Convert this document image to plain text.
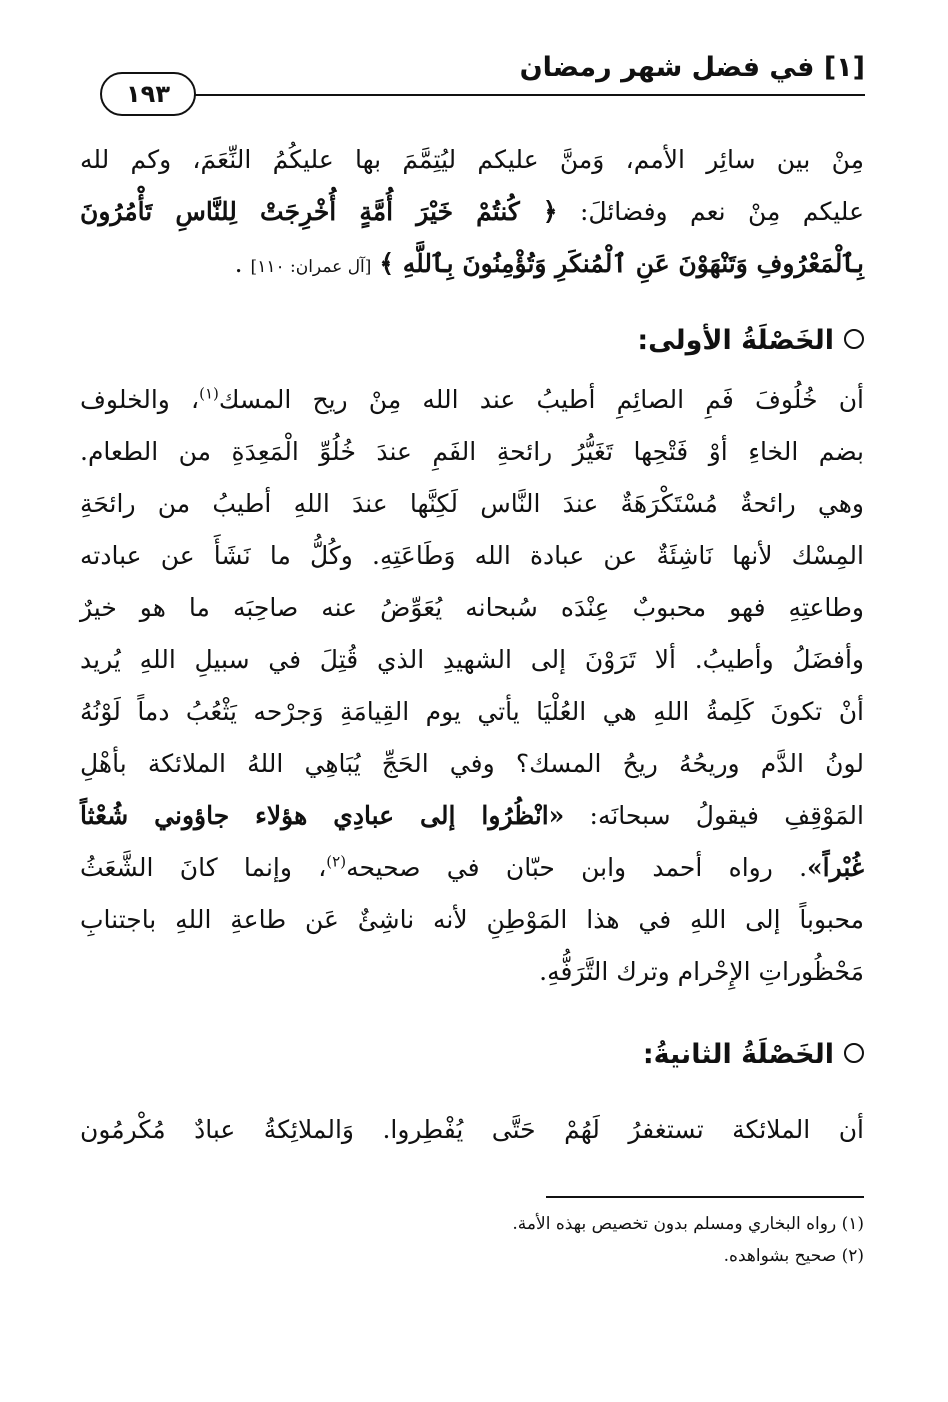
[١] في فضل شهر رمضان
١٩٣
مِنْ بين سائِر الأمم، وَمنَّ عليكم ليُتِمَّمَ بها عليكُمُ النِّعَمَ، وكم لله
عليكم مِنْ نعم وفضائلَ: ﴿ كُنتُمْ خَيْرَ أُمَّةٍ أُخْرِجَتْ لِلنَّاسِ تَأْمُرُونَ
بِٱلْمَعْرُوفِ وَتَنْهَوْنَ عَنِ ٱلْمُنكَرِ وَتُؤْمِنُونَ بِٱللَّهِ ﴾ [آل عمران: ١١٠] .
الخَصْلَةُ الأولى:
أن خُلُوفَ فَمِ الصائِمِ أطيبُ عند الله مِنْ ريح المسك$^{(١)}$، والخلوف
بضم الخاءِ أوْ فَتْحِها تَغَيُّرُ رائحةِ الفَمِ عندَ خُلُوِّ الْمَعِدَةِ من الطعام.
وهي رائحةٌ مُسْتَكْرَهَةٌ عندَ النَّاس لَكِنَّها عندَ اللهِ أطيبُ من رائحَةِ
المِسْك لأنها نَاشِئَةٌ عن عبادة الله وَطَاعَتِهِ. وكُلُّ ما نَشَأَ عن عبادته
وطاعتِهِ فهو محبوبٌ عِنْدَه سُبحانه يُعَوِّضُ عنه صاحِبَه ما هو خيرٌ
وأفضَلُ وأطيبُ. ألا تَرَوْنَ إلى الشهيدِ الذي قُتِلَ في سبيلِ اللهِ يُريد
أنْ تكونَ كَلِمةُ اللهِ هي العُلْيَا يأتي يوم القِيامَةِ وَجرْحه يَثْعُبُ دماً لَوْنُهُ
لونُ الدَّم وريحُهُ ريحُ المسك؟ وفي الحَجِّ يُبَاهِي اللهُ الملائكة بأهْلِ
المَوْقِفِ فيقولُ سبحانَه: «انْظُرُوا إلى عبادِي هؤلاء جاؤوني شُعْثاً
غُبْراً». رواه أحمد وابن حبّان في صحيحه$^{(٢)}$، وإنما كانَ الشَّعَثُ
محبوباً إلى اللهِ في هذا المَوْطِنِ لأنه ناشِئٌ عَن طاعةِ اللهِ باجتنابِ
مَحْظُوراتِ الإِحْرام وترك التَّرَفُّهِ.
الخَصْلَةُ الثانيةُ:
أن الملائكة تستغفرُ لَهُمْ حَتَّى يُفْطِروا. وَالملائِكةُ عبادٌ مُكْرمُون
(١) رواه البخاري ومسلم بدون تخصيص بهذه الأمة.
(٢) صحيح بشواهده.
